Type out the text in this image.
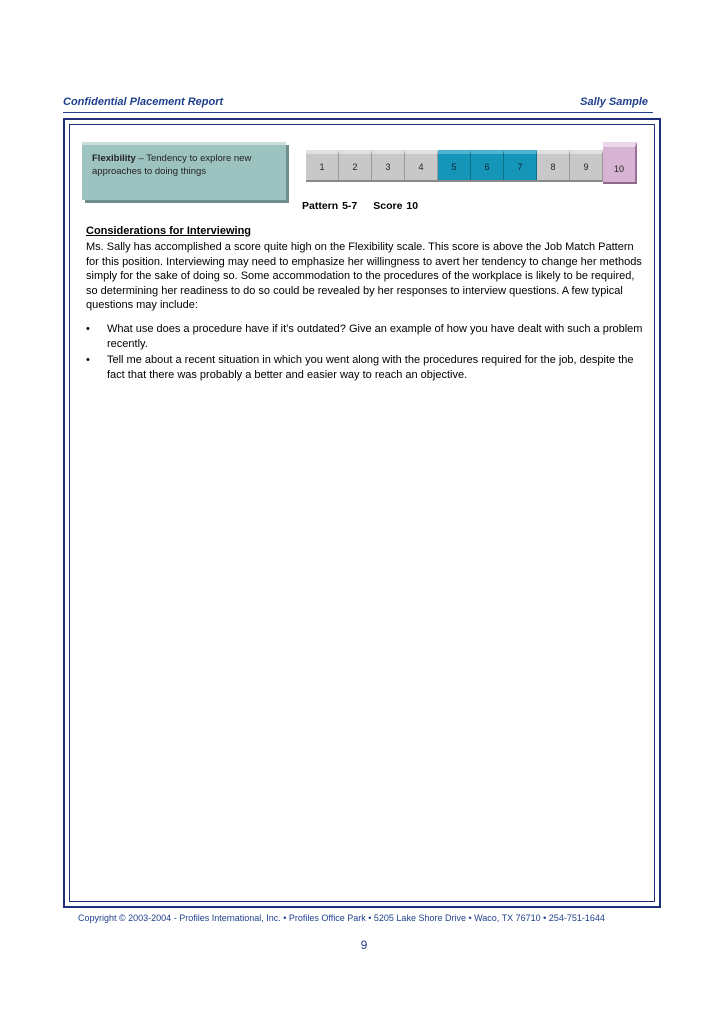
Confidential Placement Report	Sally Sample
Flexibility – Tendency to explore new
approaches to doing things	1	2	3	4	5	6	7	8	9	10
Pattern 5-7 Score 10
Considerations for Interviewing
Ms. Sally has accomplished a score quite high on the Flexibility scale. This score is above the Job Match Pattern for this position. Interviewing may need to emphasize her willingness to avert her tendency to change her methods simply for the sake of doing so. Some accommodation to the procedures of the workplace is likely to be required, so determining her readiness to do so could be revealed by her responses to interview questions. A few typical questions may include:
• What use does a procedure have if it’s outdated? Give an example of how you have dealt with such a problem recently.
• Tell me about a recent situation in which you went along with the procedures required for the job, despite the fact that there was probably a better and easier way to reach an objective.
Copyright © 2003-2004 - Profiles International, Inc. • Profiles Office Park • 5205 Lake Shore Drive • Waco, TX 76710 • 254-751-1644
9
